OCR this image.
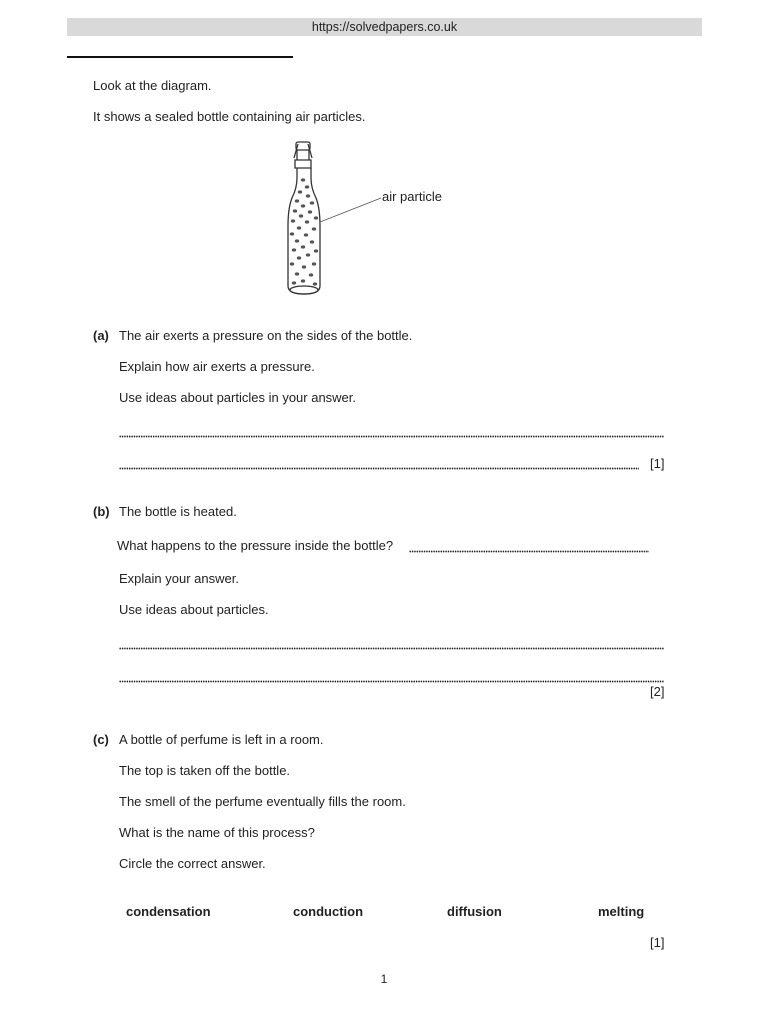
https://solvedpapers.co.uk
Look at the diagram.
It shows a sealed bottle containing air particles.
air particle
(a) The air exerts a pressure on the sides of the bottle.
Explain how air exerts a pressure.
Use ideas about particles in your answer.
[1]
(b) The bottle is heated.
What happens to the pressure inside the bottle?
Explain your answer.
Use ideas about particles.
[2]
(c) A bottle of perfume is left in a room.
The top is taken off the bottle.
The smell of the perfume eventually fills the room.
What is the name of this process?
Circle the correct answer.
condensation	conduction	diffusion	melting
[1]
1
